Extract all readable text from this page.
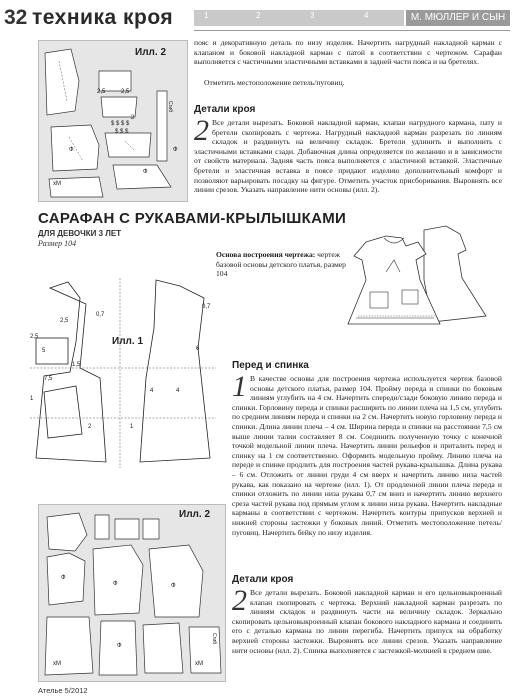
32 техника кроя	1	2	3	4	М. МЮЛЛЕР И СЫН
Илл. 2
2,5	2,5
2
$ $ $ $
$ $ $
Сгиб
Ф
Ф
Ф
хМ
пояс и декоративную деталь по низу изделия. Начертить нагрудный накладной карман с клапаном и боковой накладной карман с патой в соответствии с чертежом. Сарафан выполняется с частичными эластичными вставками в задней части пояса и на бретелях.
Отметить местоположение петель/пуговиц.
Детали кроя
2 Все детали вырезать. Боковой накладной карман, клапан нагрудного кармана, пату и бретели скопировать с чертежа. Нагрудный накладной карман разрезать по линиям складок и раздвинуть на величину складок. Бретели удлинить и выполнить с эластичными вставками сзади. Добавочная длина определяется по желанию и в зависимости от свойств материала. Задняя часть пояса выполняется с эластичной вставкой. Эластичные бретели и эластичная вставка в поясе придают изделию дополнительный комфорт и позволяют варьировать посадку на фигуре. Отметить участок присборивания. Выровнять все линии срезов. Указать направление нити основы (илл. 2).
САРАФАН С РУКАВАМИ-КРЫЛЫШКАМИ
ДЛЯ ДЕВОЧКИ 3 ЛЕТ
Размер 104
Основа построения чертежа: чертеж базовой основы детского платья, размер 104
Илл. 1
2,5
2,5
0,7
0,7
5	6
1,5
7,5
1
4	4
2	1
Перед и спинка
1 В качестве основы для построения чертежа используется чертеж базовой основы детского платья, размер 104. Пройму переда и спинки по боковым линиям углубить на 4 см. Начертить спереди/сзади боковую линию переда и спинки. Горловину переда и спинки расширить по линии плеча на 1,5 см, углубить по средним линиям переда и спинки на 2 см. Начертить новую горловину переда и спинки. Длина линии плеча – 4 см. Ширина переда и спинки на расстоянии 7,5 см выше линии талии составляет 8 см. Соединить полученную точку с конечной точкой модельной линии плеча. Начертить линии рельефов и приталить перед и спинку на 1 см соответственно. Оформить модельную пройму. Линию плеча на переде и спинке продлить для построения частей рукава-крылышка. Длина рукава – 6 см. Отложить от линии груди 4 см вверх и начертить линию низа частей рукава, как показано на чертеже (илл. 1). От продленной линии плеча переда и спинки отложить по линии низа рукава 0,7 см вниз и начертить линию верхнего среза частей рукава под прямым углом к линии низа рукава. Начертить накладные карманы в соответствии с чертежом. Начертить контуры припусков верхней и нижней стороны застежки у боковых линий. Отметить местоположение петель/пуговиц. Начертить бейку по низу изделия.
Илл. 2
Ф
Ф	Ф
Ф
хМ	хМ
Сгиб
Детали кроя
2 Все детали вырезать. Боковой накладной карман и его цельновыкроенный клапан скопировать с чертежа. Верхний накладной карман разрезать по линиям складок и раздвинуть части на величину складок. Зеркально скопировать цельновыкроенный клапан бокового накладного кармана и соединить его с деталью кармана по линии перегиба. Начертить припуск на обработку верхней стороны застежки. Выровнять все линии срезов. Указать направление нити основы (илл. 2). Спинка выполняется с застежкой-молнией в среднем шве.
Ателье 5/2012
